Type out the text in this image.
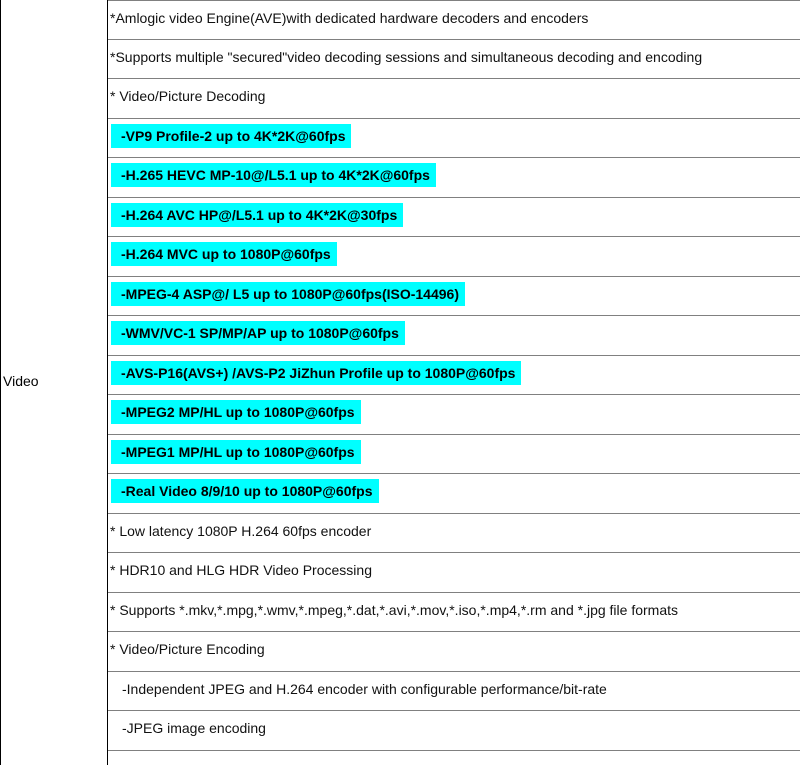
Video
*Amlogic video Engine(AVE)with dedicated hardware decoders and encoders
*Supports multiple "secured"video decoding sessions and simultaneous decoding and encoding
* Video/Picture Decoding
-VP9 Profile-2 up to 4K*2K@60fps
-H.265 HEVC MP-10@/L5.1 up to 4K*2K@60fps
-H.264 AVC HP@/L5.1 up to 4K*2K@30fps
-H.264 MVC up to 1080P@60fps
-MPEG-4 ASP@/ L5 up to 1080P@60fps(ISO-14496)
-WMV/VC-1 SP/MP/AP up to 1080P@60fps
-AVS-P16(AVS+) /AVS-P2 JiZhun Profile up to 1080P@60fps
-MPEG2 MP/HL up to 1080P@60fps
-MPEG1 MP/HL up to 1080P@60fps
-Real Video 8/9/10 up to 1080P@60fps
* Low latency 1080P H.264 60fps encoder
* HDR10 and HLG HDR Video Processing
* Supports *.mkv,*.mpg,*.wmv,*.mpeg,*.dat,*.avi,*.mov,*.iso,*.mp4,*.rm and *.jpg file formats
* Video/Picture Encoding
-Independent JPEG and H.264 encoder with configurable performance/bit-rate
-JPEG image encoding
